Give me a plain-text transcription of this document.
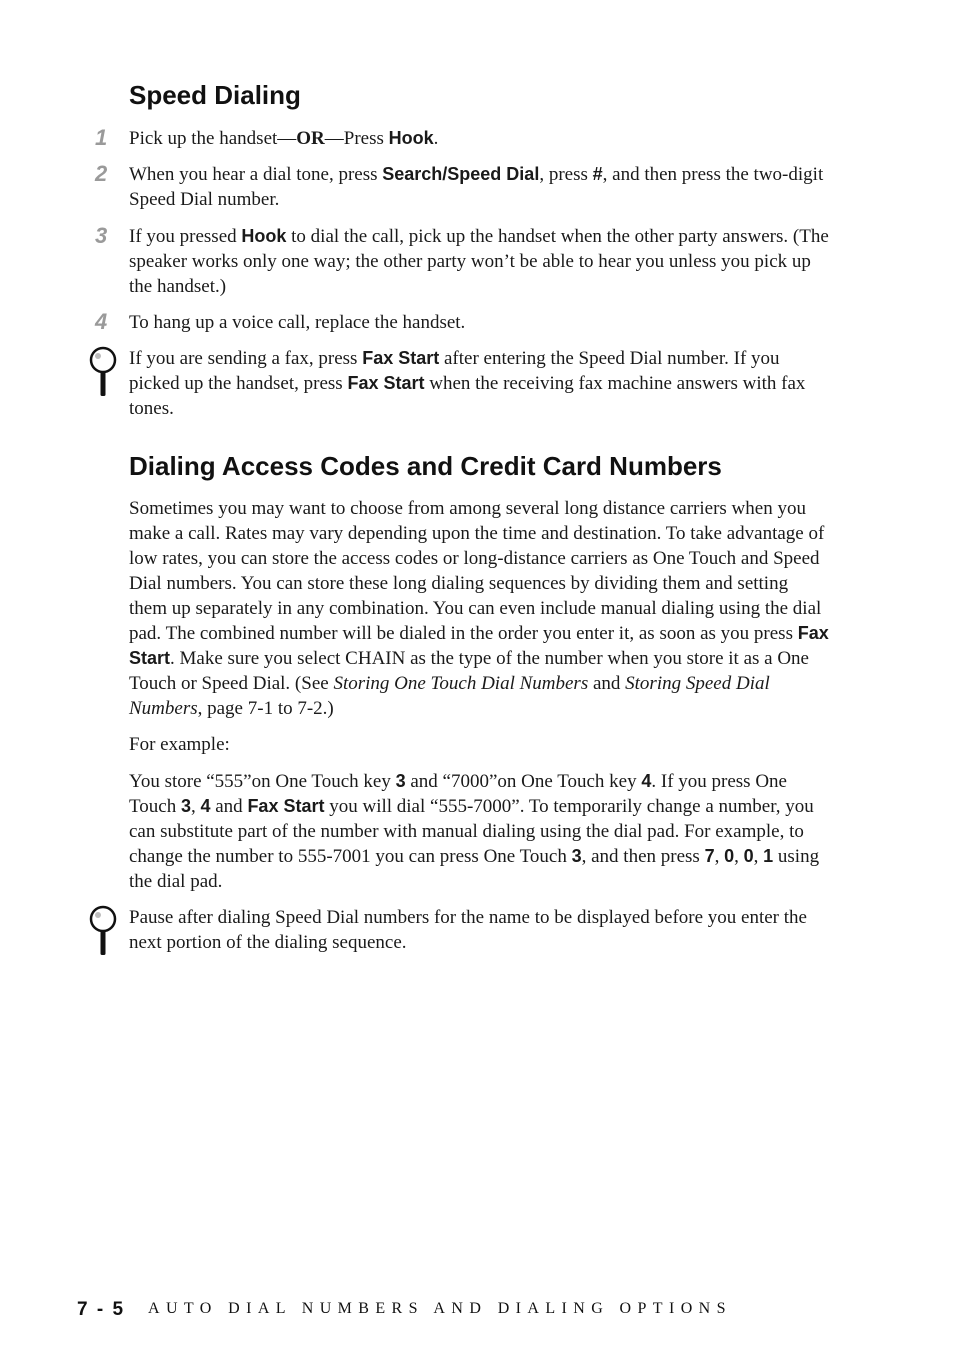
Speed Dialing
1 Pick up the handset—OR—Press Hook.

2 When you hear a dial tone, press Search/Speed Dial, press #, and then press the two-digit Speed Dial number.

3 If you pressed Hook to dial the call, pick up the handset when the other party answers. (The speaker works only one way; the other party won’t be able to hear you unless you pick up the handset.)

4 To hang up a voice call, replace the handset.

If you are sending a fax, press Fax Start after entering the Speed Dial number. If you picked up the handset, press Fax Start when the receiving fax machine answers with fax tones.

Dialing Access Codes and Credit Card Numbers

Sometimes you may want to choose from among several long distance carriers when you make a call. Rates may vary depending upon the time and destination. To take advantage of low rates, you can store the access codes or long-distance carriers as One Touch and Speed Dial numbers. You can store these long dialing sequences by dividing them and setting them up separately in any combination. You can even include manual dialing using the dial pad. The combined number will be dialed in the order you enter it, as soon as you press Fax Start. Make sure you select CHAIN as the type of the number when you store it as a One Touch or Speed Dial. (See Storing One Touch Dial Numbers and Storing Speed Dial Numbers, page 7-1 to 7-2.)

For example:

You store “555”on One Touch key 3 and “7000”on One Touch key 4. If you press One Touch 3, 4 and Fax Start you will dial “555-7000”. To temporarily change a number, you can substitute part of the number with manual dialing using the dial pad. For example, to change the number to 555-7001 you can press One Touch 3, and then press 7, 0, 0, 1 using the dial pad.

Pause after dialing Speed Dial numbers for the name to be displayed before you enter the next portion of the dialing sequence.

7 - 5 AUTO DIAL NUMBERS AND DIALING OPTIONS
